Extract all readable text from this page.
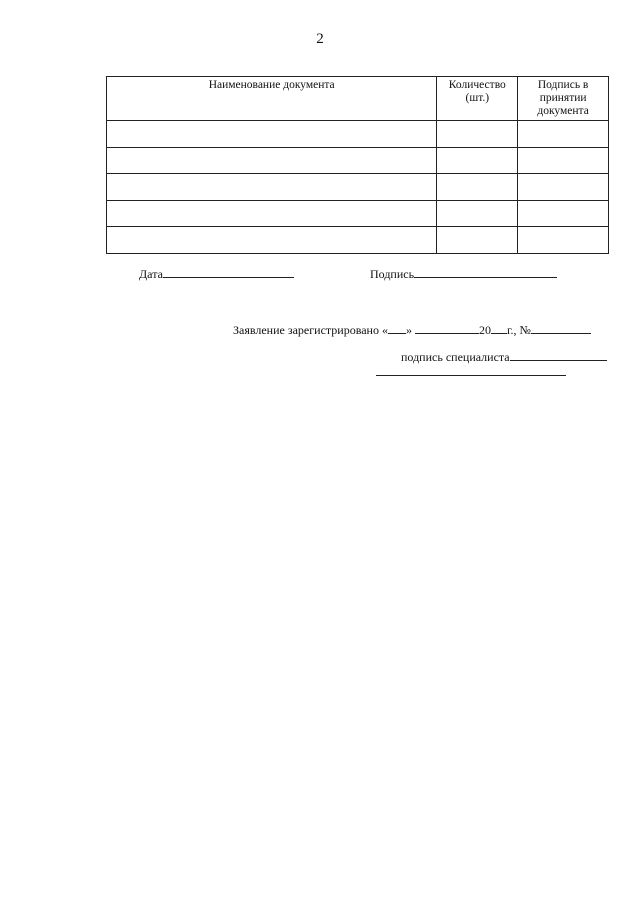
2
Наименование документа	Количество (шт.)	Подпись в принятии документа

Дата	Подпись
Заявление зарегистрировано « »	20 г., №
подпись специалиста
